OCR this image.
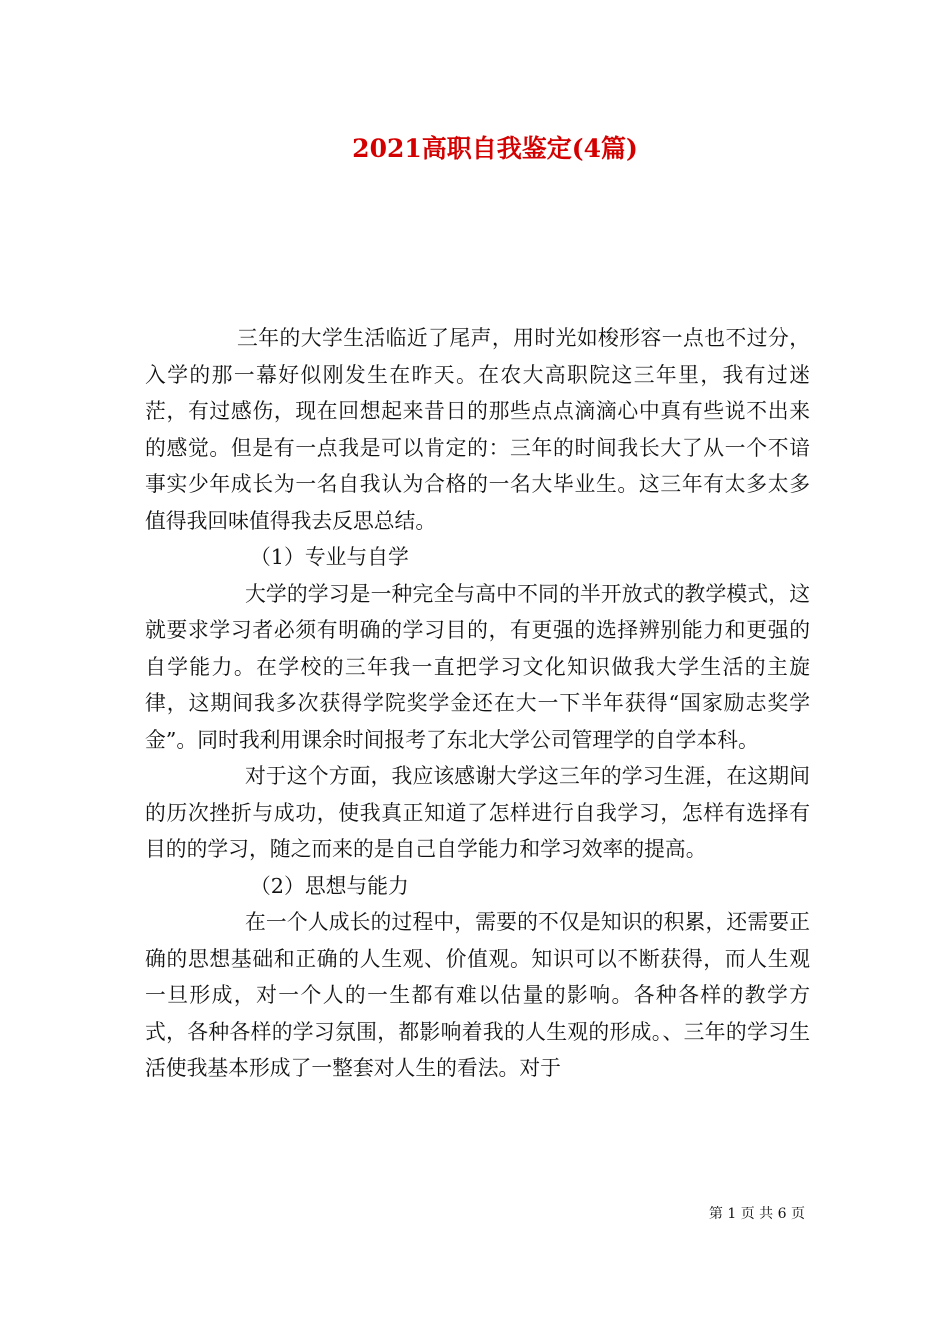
2021高职自我鉴定(4篇)

三年的大学生活临近了尾声，用时光如梭形容一点也不过分，入学的那一幕好似刚发生在昨天。在农大高职院这三年里，我有过迷茫，有过感伤，现在回想起来昔日的那些点点滴滴心中真有些说不出来的感觉。但是有一点我是可以肯定的：三年的时间我长大了从一个不谙事实少年成长为一名自我认为合格的一名大毕业生。这三年有太多太多值得我回味值得我去反思总结。

（1）专业与自学

大学的学习是一种完全与高中不同的半开放式的教学模式，这就要求学习者必须有明确的学习目的，有更强的选择辨别能力和更强的自学能力。在学校的三年我一直把学习文化知识做我大学生活的主旋律，这期间我多次获得学院奖学金还在大一下半年获得“国家励志奖学金”。同时我利用课余时间报考了东北大学公司管理学的自学本科。

对于这个方面，我应该感谢大学这三年的学习生涯，在这期间的历次挫折与成功，使我真正知道了怎样进行自我学习，怎样有选择有目的的学习，随之而来的是自己自学能力和学习效率的提高。

（2）思想与能力

在一个人成长的过程中，需要的不仅是知识的积累，还需要正确的思想基础和正确的人生观、价值观。知识可以不断获得，而人生观一旦形成，对一个人的一生都有难以估量的影响。各种各样的教学方式，各种各样的学习氛围，都影响着我的人生观的形成。、三年的学习生活使我基本形成了一整套对人生的看法。对于

第 1 页 共 6 页
